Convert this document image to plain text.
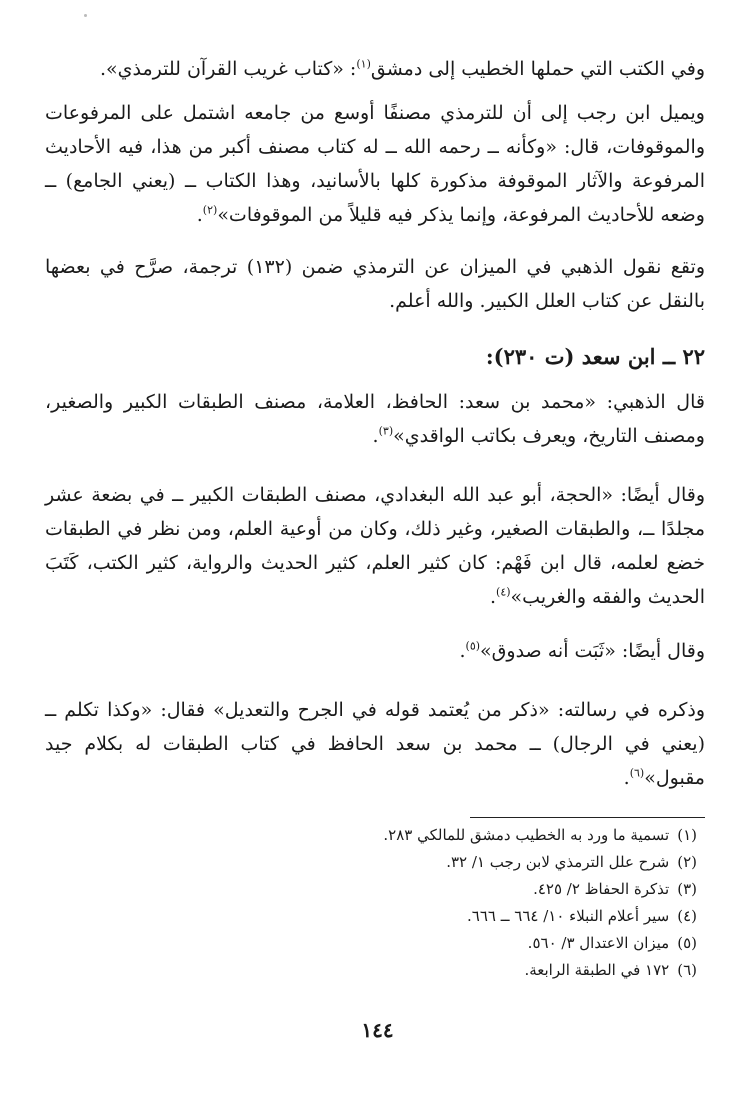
وفي الكتب التي حملها الخطيب إلى دمشق$^{(١)}$: «كتاب غريب القرآن للترمذي».

ويميل ابن رجب إلى أن للترمذي مصنفًا أوسع من جامعه اشتمل على المرفوعات والموقوفات، قال: «وكأنه ــ رحمه الله ــ له كتاب مصنف أكبر من هذا، فيه الأحاديث المرفوعة والآثار الموقوفة مذكورة كلها بالأسانيد، وهذا الكتاب ــ (يعني الجامع) ــ وضعه للأحاديث المرفوعة، وإنما يذكر فيه قليلاً من الموقوفات»$^{(٢)}$.

وتقع نقول الذهبي في الميزان عن الترمذي ضمن (١٣٢) ترجمة، صرَّح في بعضها بالنقل عن كتاب العلل الكبير. والله أعلم.

٢٢ ــ ابن سعد (ت ٢٣٠):

قال الذهبي: «محمد بن سعد: الحافظ، العلامة، مصنف الطبقات الكبير والصغير، ومصنف التاريخ، ويعرف بكاتب الواقدي»$^{(٣)}$.

وقال أيضًا: «الحجة، أبو عبد الله البغدادي، مصنف الطبقات الكبير ــ في بضعة عشر مجلدًا ــ، والطبقات الصغير، وغير ذلك، وكان من أوعية العلم، ومن نظر في الطبقات خضع لعلمه، قال ابن فَهْم: كان كثير العلم، كثير الحديث والرواية، كثير الكتب، كَتَبَ الحديث والفقه والغريب»$^{(٤)}$.

وقال أيضًا: «ثَبَت أنه صدوق»$^{(٥)}$.

وذكره في رسالته: «ذكر من يُعتمد قوله في الجرح والتعديل» فقال: «وكذا تكلم ــ (يعني في الرجال) ــ محمد بن سعد الحافظ في كتاب الطبقات له بكلام جيد مقبول»$^{(٦)}$.

(١)تسمية ما ورد به الخطيب دمشق للمالكي ٢٨٣.
(٢)شرح علل الترمذي لابن رجب ١/ ٣٢.
(٣)تذكرة الحفاظ ٢/ ٤٢٥.
(٤)سير أعلام النبلاء ١٠/ ٦٦٤ ــ ٦٦٦.
(٥)ميزان الاعتدال ٣/ ٥٦٠.
(٦)١٧٢ في الطبقة الرابعة.
١٤٤
